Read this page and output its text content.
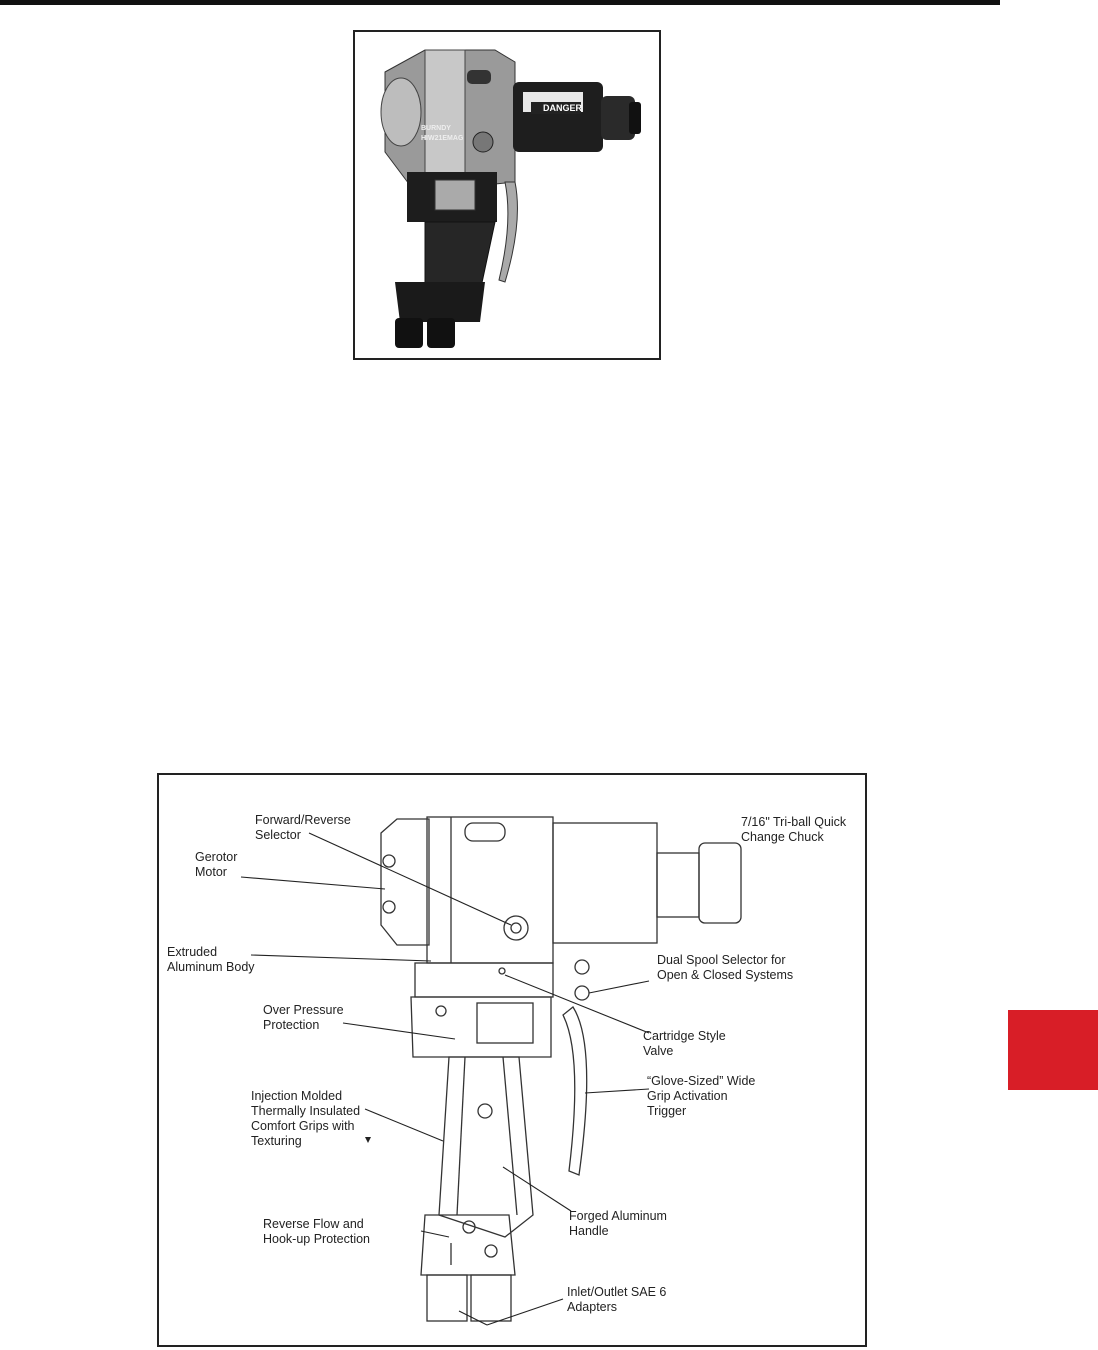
DANGER
BURNDY
HIW21EMAG

Forward/Reverse
Selector

Gerotor
Motor

7/16" Tri-ball Quick
Change Chuck

Extruded
Aluminum Body	Dual Spool Selector for
Open & Closed Systems

Over Pressure
Protection

Cartridge Style
Valve

“Glove-Sized” Wide
Grip Activation
Trigger

Injection Molded
Thermally Insulated
Comfort Grips with
Texturing

Forged Aluminum
Handle

Reverse Flow and
Hook-up Protection

Inlet/Outlet SAE 6
Adapters
